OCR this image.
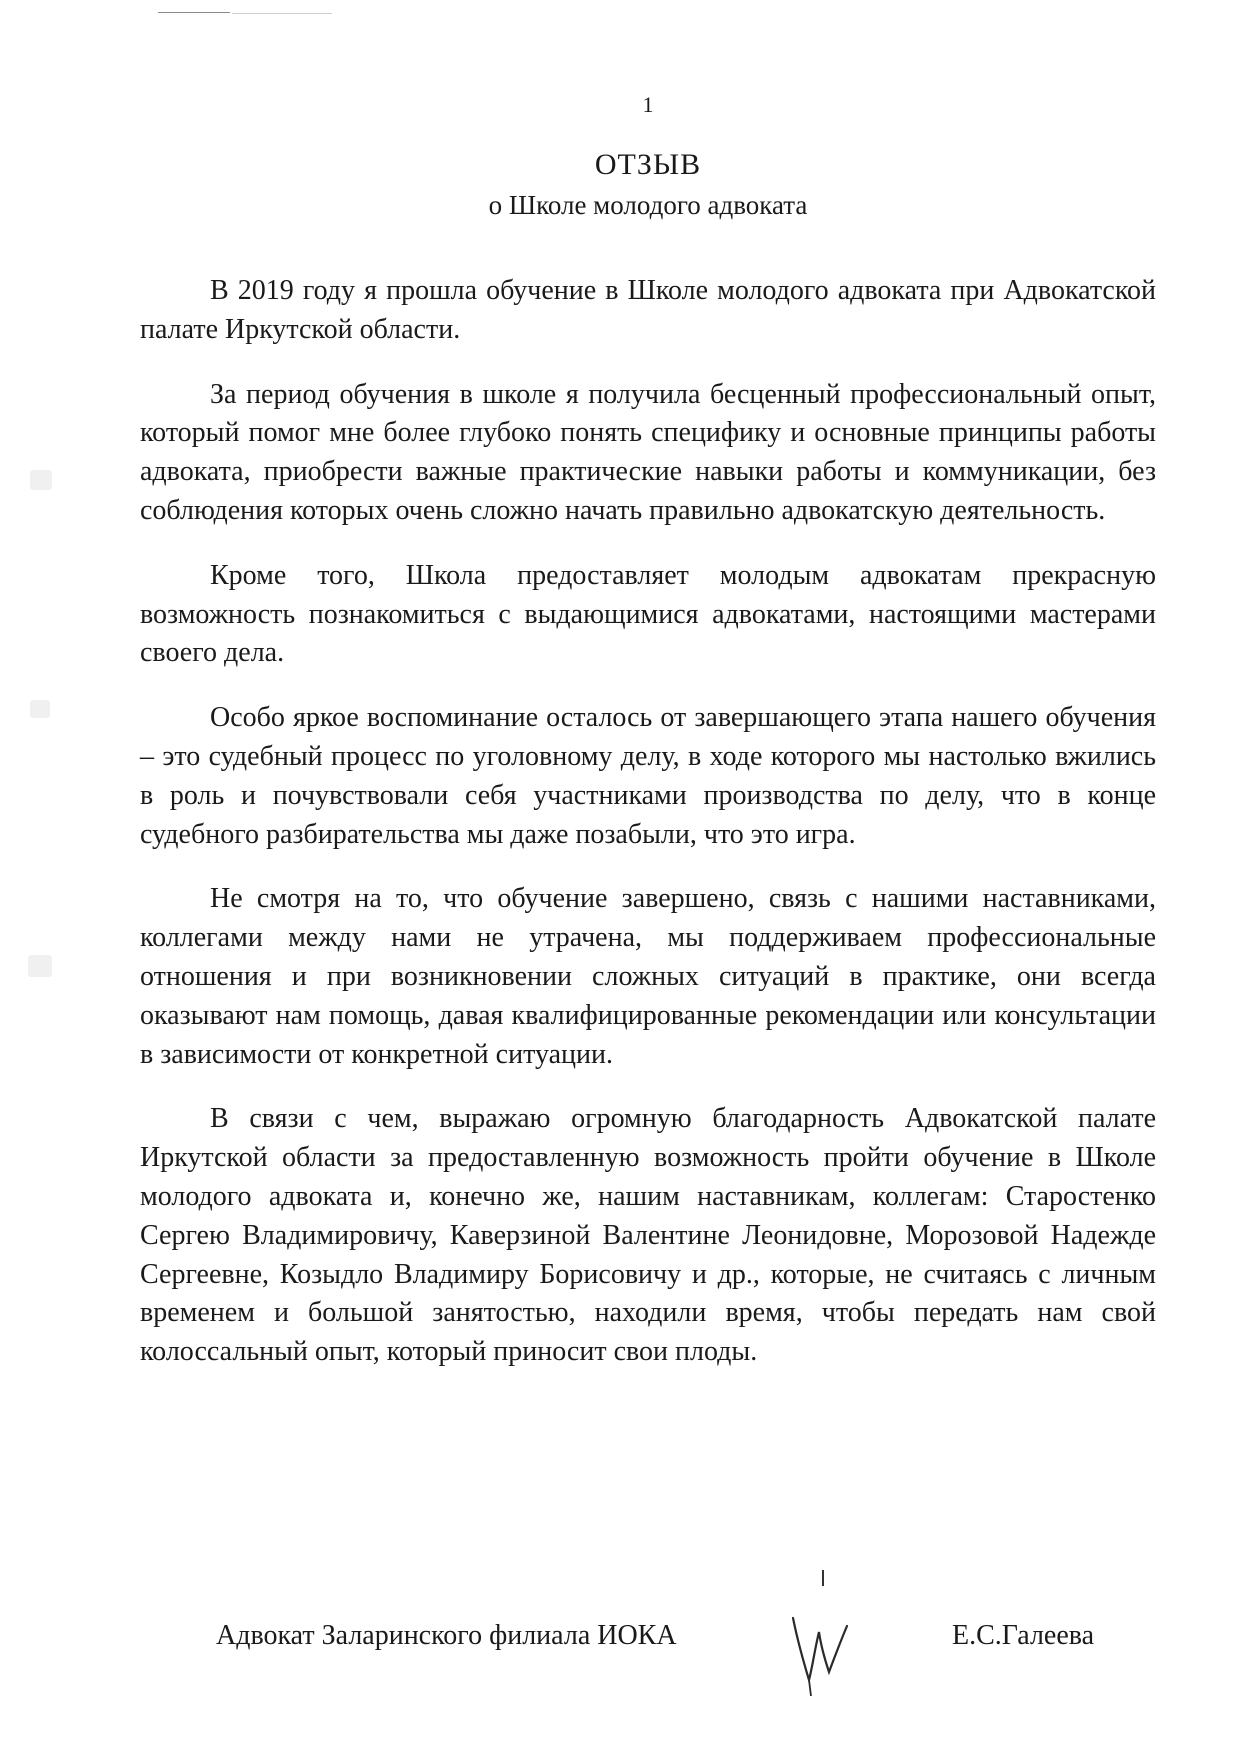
1
ОТЗЫВ
о Школе молодого адвоката

В 2019 году я прошла обучение в Школе молодого адвоката при Адвокатской палате Иркутской области.

За период обучения в школе я получила бесценный профессиональный опыт, который помог мне более глубоко понять специфику и основные принципы работы адвоката, приобрести важные практические навыки работы и коммуникации, без соблюдения которых очень сложно начать правильно адвокатскую деятельность.

Кроме того, Школа предоставляет молодым адвокатам прекрасную возможность познакомиться с выдающимися адвокатами, настоящими мастерами своего дела.

Особо яркое воспоминание осталось от завершающего этапа нашего обучения – это судебный процесс по уголовному делу, в ходе которого мы настолько вжились в роль и почувствовали себя участниками производства по делу, что в конце судебного разбирательства мы даже позабыли, что это игра.

Не смотря на то, что обучение завершено, связь с нашими наставниками, коллегами между нами не утрачена, мы поддерживаем профессиональные отношения и при возникновении сложных ситуаций в практике, они всегда оказывают нам помощь, давая квалифицированные рекомендации или консультации в зависимости от конкретной ситуации.

В связи с чем, выражаю огромную благодарность Адвокатской палате Иркутской области за предоставленную возможность пройти обучение в Школе молодого адвоката и, конечно же, нашим наставникам, коллегам: Старостенко Сергею Владимировичу, Каверзиной Валентине Леонидовне, Морозовой Надежде Сергеевне, Козыдло Владимиру Борисовичу и др., которые, не считаясь с личным временем и большой занятостью, находили время, чтобы передать нам свой колоссальный опыт, который приносит свои плоды.

Адвокат Заларинского филиала ИОКА	Е.С.Галеева
